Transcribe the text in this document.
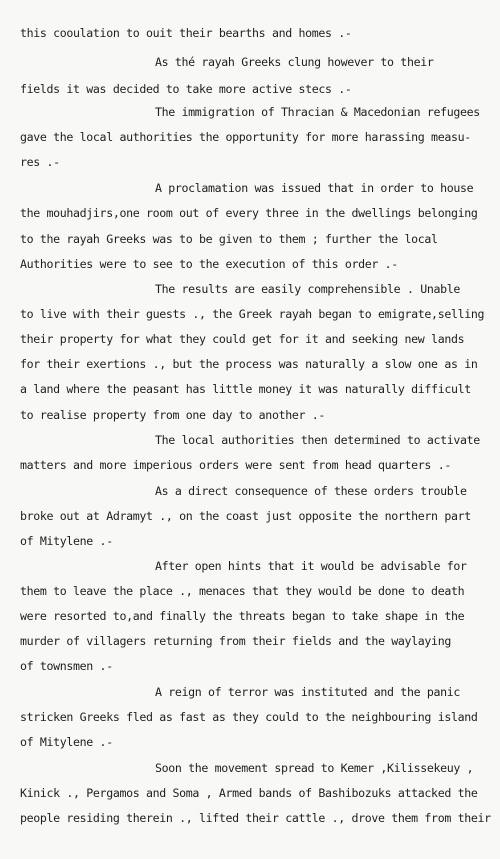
this cooulation to ouit their bearths and homes .-
As thé rayah Greeks clung however to their
fields it was decided to take more active stecs .-
The immigration of Thracian & Macedonian refugees
gave the local authorities the opportunity for more harassing measu-
res .-
A proclamation was issued that in order to house
the mouhadjirs,one room out of every three in the dwellings belonging
to the rayah Greeks was to be given to them ; further the local
Authorities were to see to the execution of this order .-
The results are easily comprehensible . Unable
to live with their guests ., the Greek rayah began to emigrate,selling
their property for what they could get for it and seeking new lands
for their exertions ., but the process was naturally a slow one as in
a land where the peasant has little money it was naturally difficult
to realise property from one day to another .-
The local authorities then determined to activate
matters and more imperious orders were sent from head quarters .-
As a direct consequence of these orders trouble
broke out at Adramyt ., on the coast just opposite the northern part
of Mitylene .-
After open hints that it would be advisable for
them to leave the place ., menaces that they would be done to death
were resorted to,and finally the threats began to take shape in the
murder of villagers returning from their fields and the waylaying
of townsmen .-
A reign of terror was instituted and the panic
stricken Greeks fled as fast as they could to the neighbouring island
of Mitylene .-
Soon the movement spread to Kemer ,Kilissekeuy ,
Kinick ., Pergamos and Soma , Armed bands of Bashibozuks attacked the
people residing therein ., lifted their cattle ., drove them from their
